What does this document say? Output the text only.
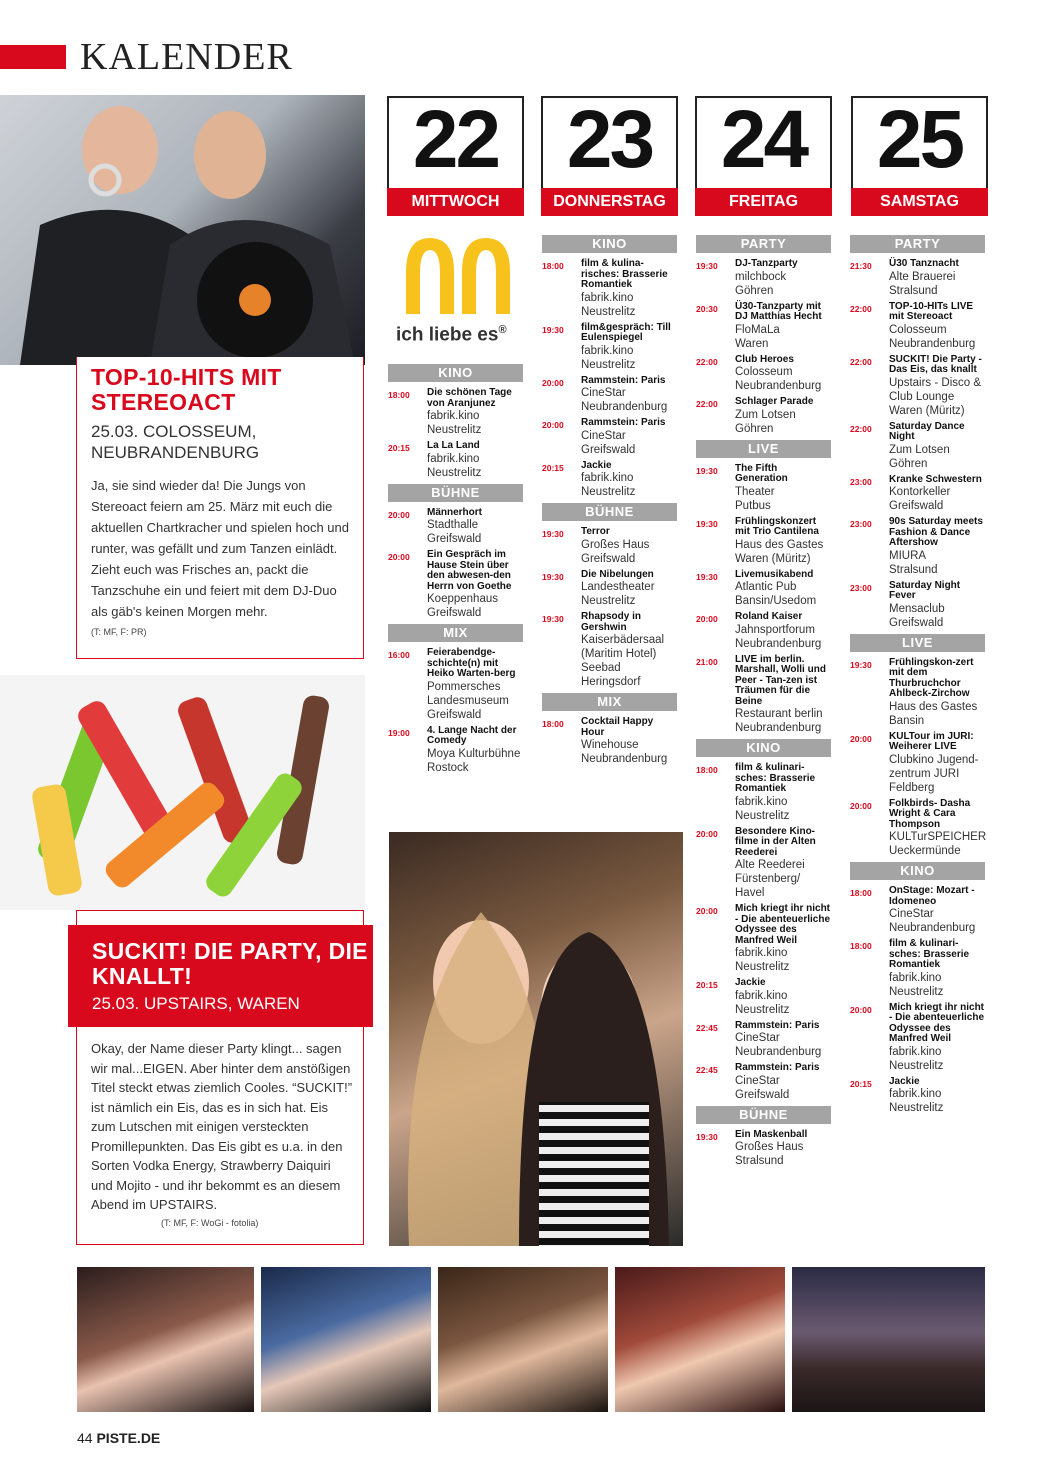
KALENDER
TOP-10-HITS MIT STEREOACT
25.03. COLOSSEUM, NEUBRANDENBURG
Ja, sie sind wieder da! Die Jungs von Stereoact feiern am 25. März mit euch die aktuellen Chartkracher und spielen hoch und runter, was gefällt und zum Tanzen einlädt. Zieht euch was Frisches an, packt die Tanzschuhe ein und feiert mit dem DJ-Duo als gäb's keinen Morgen mehr.
(T: MF, F: PR)
Okay, der Name dieser Party klingt... sagen wir mal...EIGEN. Aber hinter dem anstößigen Titel steckt etwas ziemlich Cooles. “SUCKIT!” ist nämlich ein Eis, das es in sich hat. Eis zum Lutschen mit einigen versteckten Promillepunkten. Das Eis gibt es u.a. in den Sorten Vodka Energy, Strawberry Daiquiri und Mojito - und ihr bekommt es an diesem Abend im UPSTAIRS.
(T: MF, F: WoGi - fotolia)
SUCKIT! DIE PARTY, DIE KNALLT!
25.03. UPSTAIRS, WAREN
ich liebe es®
22
MITTWOCH
23
DONNERSTAG
24
FREITAG
25
SAMSTAG
KINO
18:00	Die schönen Tage von Aranjunez
fabrik.kino
Neustrelitz
20:15	La La Land
fabrik.kino
Neustrelitz
BÜHNE
20:00	Männerhort
Stadthalle
Greifswald
20:00	Ein Gespräch im Hause Stein über den abwesen-den Herrn von Goethe
Koeppenhaus
Greifswald
MIX
16:00	Feierabendge-schichte(n) mit Heiko Warten-berg
Pommersches Landesmuseum
Greifswald
19:00	4. Lange Nacht der Comedy
Moya Kulturbühne
Rostock
KINO
18:00	film & kulina-risches: Brasserie Romantiek
fabrik.kino
Neustrelitz
19:30	film&gespräch: Till Eulenspiegel
fabrik.kino
Neustrelitz
20:00	Rammstein: Paris
CineStar
Neubrandenburg
20:00	Rammstein: Paris
CineStar
Greifswald
20:15	Jackie
fabrik.kino
Neustrelitz
BÜHNE
19:30	Terror
Großes Haus
Greifswald
19:30	Die Nibelungen
Landestheater
Neustrelitz
19:30	Rhapsody in Gershwin
Kaiserbädersaal (Maritim Hotel)
Seebad Heringsdorf
MIX
18:00	Cocktail Happy Hour
Winehouse
Neubrandenburg
PARTY
19:30	DJ-Tanzparty
milchbock
Göhren
20:30	Ü30-Tanzparty mit DJ Matthias Hecht
FloMaLa
Waren
22:00	Club Heroes
Colosseum
Neubrandenburg
22:00	Schlager Parade
Zum Lotsen
Göhren
LIVE
19:30	The Fifth Generation
Theater
Putbus
19:30	Frühlingskonzert mit Trio Cantilena
Haus des Gastes
Waren (Müritz)
19:30	Livemusikabend
Atlantic Pub
Bansin/Usedom
20:00	Roland Kaiser
Jahnsportforum
Neubrandenburg
21:00	LIVE im berlin. Marshall, Wolli und Peer - Tan-zen ist Träumen für die Beine
Restaurant berlin
Neubrandenburg
KINO
18:00	film & kulinari-sches: Brasserie Romantiek
fabrik.kino
Neustrelitz
20:00	Besondere Kino-filme in der Alten Reederei
Alte Reederei
Fürstenberg/ Havel
20:00	Mich kriegt ihr nicht - Die abenteuerliche Odyssee des Manfred Weil
fabrik.kino
Neustrelitz
20:15	Jackie
fabrik.kino
Neustrelitz
22:45	Rammstein: Paris
CineStar
Neubrandenburg
22:45	Rammstein: Paris
CineStar
Greifswald
BÜHNE
19:30	Ein Maskenball
Großes Haus
Stralsund
PARTY
21:30	Ü30 Tanznacht
Alte Brauerei
Stralsund
22:00	TOP-10-HITs LIVE mit Stereoact
Colosseum
Neubrandenburg
22:00	SUCKIT! Die Party - Das Eis, das knallt
Upstairs - Disco & Club Lounge
Waren (Müritz)
22:00	Saturday Dance Night
Zum Lotsen
Göhren
23:00	Kranke Schwestern
Kontorkeller
Greifswald
23:00	90s Saturday meets Fashion & Dance Aftershow
MIURA
Stralsund
23:00	Saturday Night Fever
Mensaclub
Greifswald
LIVE
19:30	Frühlingskon-zert mit dem Thurbruchchor Ahlbeck-Zirchow
Haus des Gastes
Bansin
20:00	KULTour im JURI: Weiherer LIVE
Clubkino Jugend-zentrum JURI
Feldberg
20:00	Folkbirds- Dasha Wright & Cara Thompson
KULTurSPEICHER
Ueckermünde
KINO
18:00	OnStage: Mozart - Idomeneo
CineStar
Neubrandenburg
18:00	film & kulinari-sches: Brasserie Romantiek
fabrik.kino
Neustrelitz
20:00	Mich kriegt ihr nicht - Die abenteuerliche Odyssee des Manfred Weil
fabrik.kino
Neustrelitz
20:15	Jackie
fabrik.kino
Neustrelitz
44 PISTE.DE
